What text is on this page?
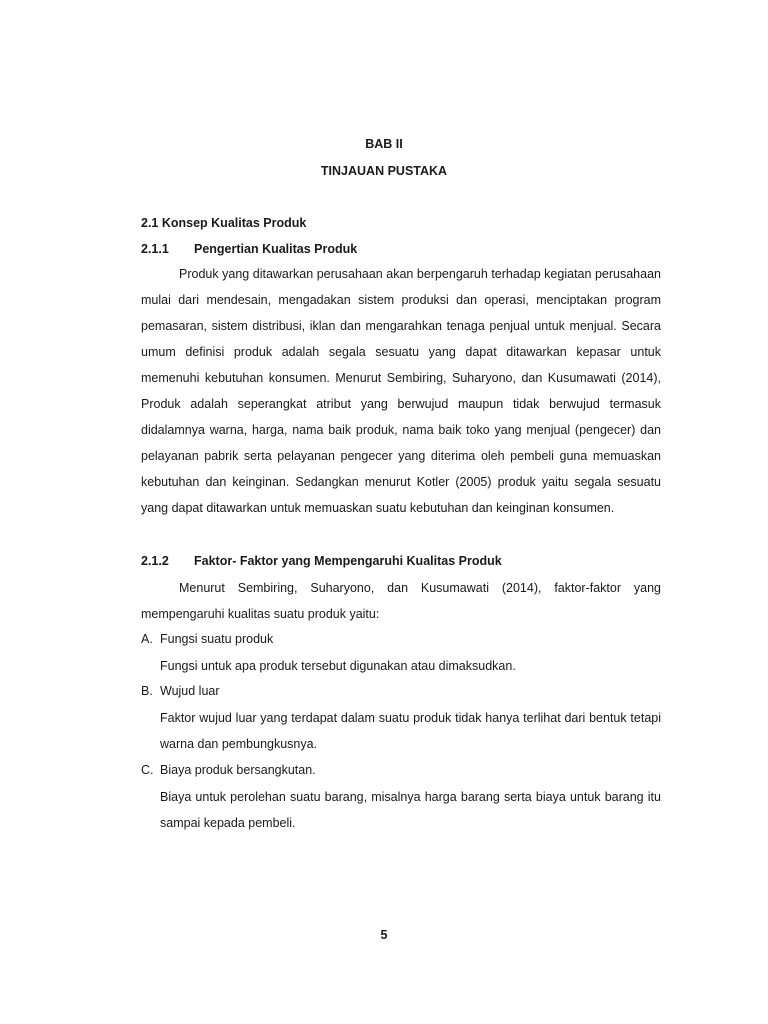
BAB II
TINJAUAN PUSTAKA
2.1 Konsep Kualitas Produk
2.1.1 Pengertian Kualitas Produk

Produk yang ditawarkan perusahaan akan berpengaruh terhadap kegiatan perusahaan mulai dari mendesain, mengadakan sistem produksi dan operasi, menciptakan program pemasaran, sistem distribusi, iklan dan mengarahkan tenaga penjual untuk menjual. Secara umum definisi produk adalah segala sesuatu yang dapat ditawarkan kepasar untuk memenuhi kebutuhan konsumen. Menurut Sembiring, Suharyono, dan Kusumawati (2014), Produk adalah seperangkat atribut yang berwujud maupun tidak berwujud termasuk didalamnya warna, harga, nama baik produk, nama baik toko yang menjual (pengecer) dan pelayanan pabrik serta pelayanan pengecer yang diterima oleh pembeli guna memuaskan kebutuhan dan keinginan. Sedangkan menurut Kotler (2005) produk yaitu segala sesuatu yang dapat ditawarkan untuk memuaskan suatu kebutuhan dan keinginan konsumen.

2.1.2 Faktor- Faktor yang Mempengaruhi Kualitas Produk

Menurut Sembiring, Suharyono, dan Kusumawati (2014), faktor-faktor yang mempengaruhi kualitas suatu produk yaitu:

A. Fungsi suatu produk

Fungsi untuk apa produk tersebut digunakan atau dimaksudkan.

B. Wujud luar

Faktor wujud luar yang terdapat dalam suatu produk tidak hanya terlihat dari bentuk tetapi warna dan pembungkusnya.

C. Biaya produk bersangkutan.

Biaya untuk perolehan suatu barang, misalnya harga barang serta biaya untuk barang itu sampai kepada pembeli.

5
